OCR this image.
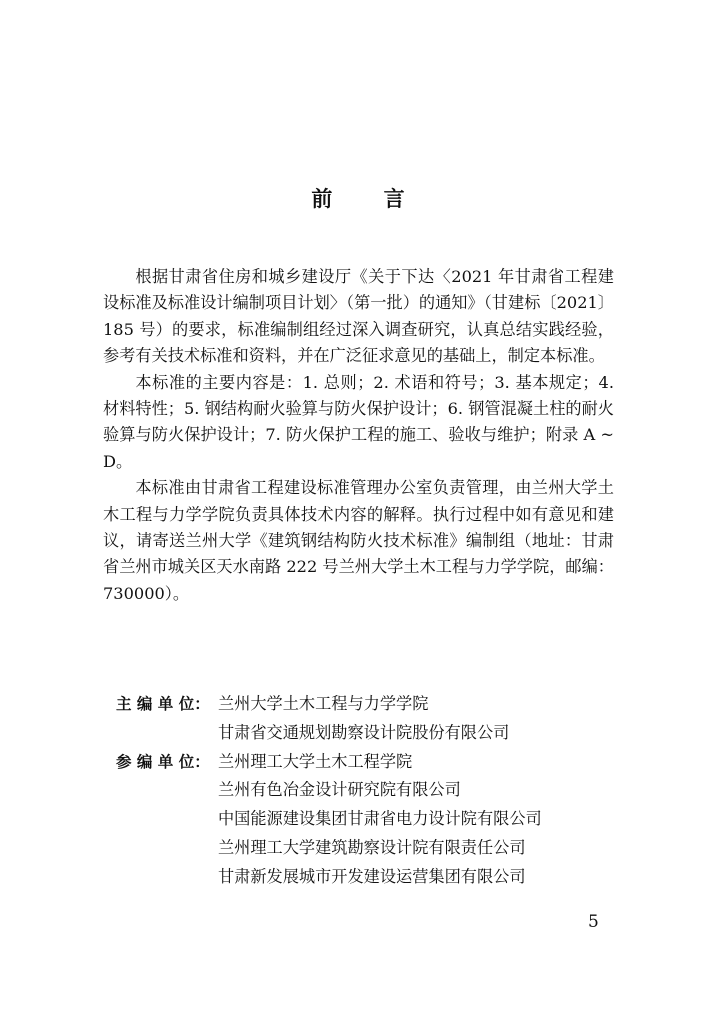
前 言

根据甘肃省住房和城乡建设厅《关于下达〈2021 年甘肃省工程建设标准及标准设计编制项目计划〉（第一批）的通知》（甘建标〔2021〕185 号）的要求，标准编制组经过深入调查研究，认真总结实践经验，参考有关技术标准和资料，并在广泛征求意见的基础上，制定本标准。

本标准的主要内容是：1. 总则；2. 术语和符号；3. 基本规定；4. 材料特性；5. 钢结构耐火验算与防火保护设计；6. 钢管混凝土柱的耐火验算与防火保护设计；7. 防火保护工程的施工、验收与维护；附录 A ~ D。

本标准由甘肃省工程建设标准管理办公室负责管理，由兰州大学土木工程与力学学院负责具体技术内容的解释。执行过程中如有意见和建议，请寄送兰州大学《建筑钢结构防火技术标准》编制组（地址：甘肃省兰州市城关区天水南路 222 号兰州大学土木工程与力学学院，邮编：730000）。

主 编 单 位： 兰州大学土木工程与力学学院
甘肃省交通规划勘察设计院股份有限公司
参 编 单 位： 兰州理工大学土木工程学院
兰州有色冶金设计研究院有限公司
中国能源建设集团甘肃省电力设计院有限公司
兰州理工大学建筑勘察设计院有限责任公司
甘肃新发展城市开发建设运营集团有限公司
5
